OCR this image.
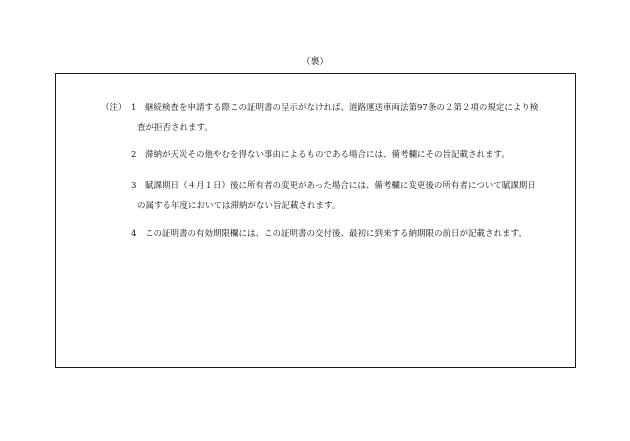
（裏）
（注） 1 継続検査を申請する際この証明書の呈示がなければ、道路運送車両法第97条の２第２項の規定により検
査が拒否されます。
2 滞納が天災その他やむを得ない事由によるものである場合には、備考欄にその旨記載されます。
3 賦課期日（４月１日）後に所有者の変更があった場合には、備考欄に変更後の所有者について賦課期日
の属する年度においては滞納がない旨記載されます。
4 この証明書の有効期限欄には、この証明書の交付後、最初に到来する納期限の前日が記載されます。
